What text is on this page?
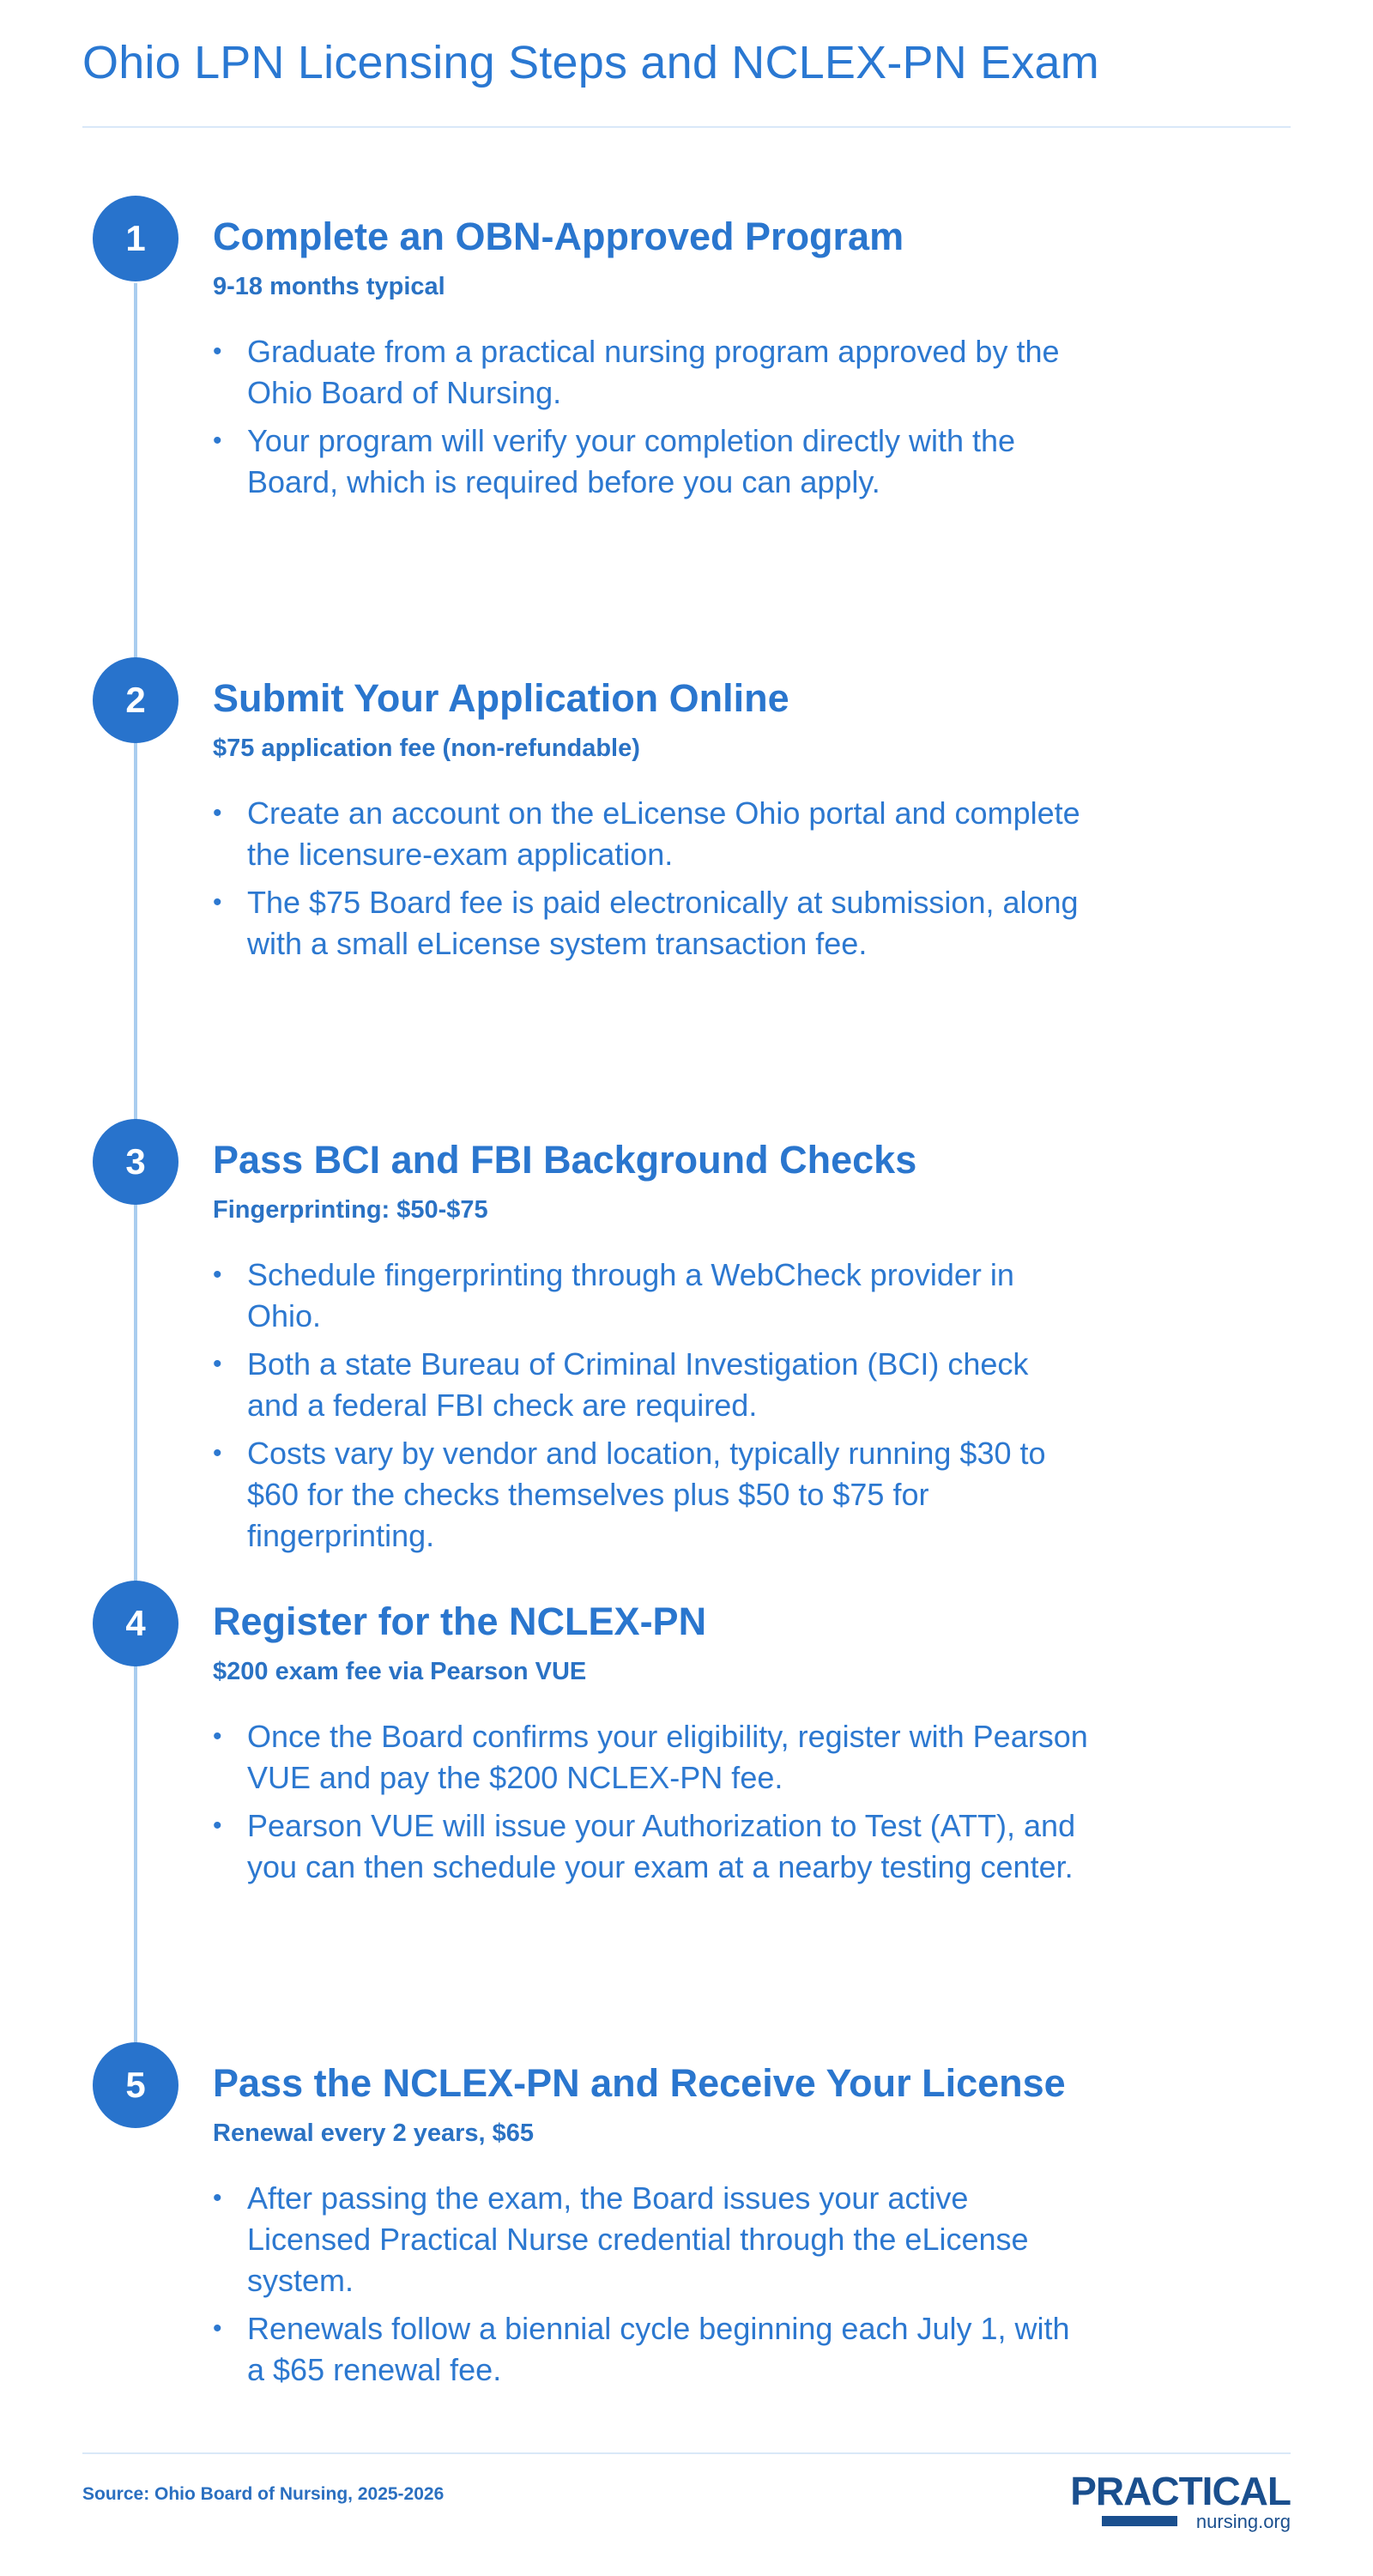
Ohio LPN Licensing Steps and NCLEX-PN Exam
1	Complete an OBN-Approved Program
9-18 months typical
• Graduate from a practical nursing program approved by the Ohio Board of Nursing.
• Your program will verify your completion directly with the Board, which is required before you can apply.
2	Submit Your Application Online
$75 application fee (non-refundable)
• Create an account on the eLicense Ohio portal and complete the licensure-exam application.
• The $75 Board fee is paid electronically at submission, along with a small eLicense system transaction fee.
3	Pass BCI and FBI Background Checks
Fingerprinting: $50-$75
• Schedule fingerprinting through a WebCheck provider in Ohio.
• Both a state Bureau of Criminal Investigation (BCI) check and a federal FBI check are required.
• Costs vary by vendor and location, typically running $30 to $60 for the checks themselves plus $50 to $75 for fingerprinting.
4	Register for the NCLEX-PN
$200 exam fee via Pearson VUE
• Once the Board confirms your eligibility, register with Pearson VUE and pay the $200 NCLEX-PN fee.
• Pearson VUE will issue your Authorization to Test (ATT), and you can then schedule your exam at a nearby testing center.
5	Pass the NCLEX-PN and Receive Your License
Renewal every 2 years, $65
• After passing the exam, the Board issues your active Licensed Practical Nurse credential through the eLicense system.
• Renewals follow a biennial cycle beginning each July 1, with a $65 renewal fee.
Source: Ohio Board of Nursing, 2025-2026	PRACTICAL
nursing.org
